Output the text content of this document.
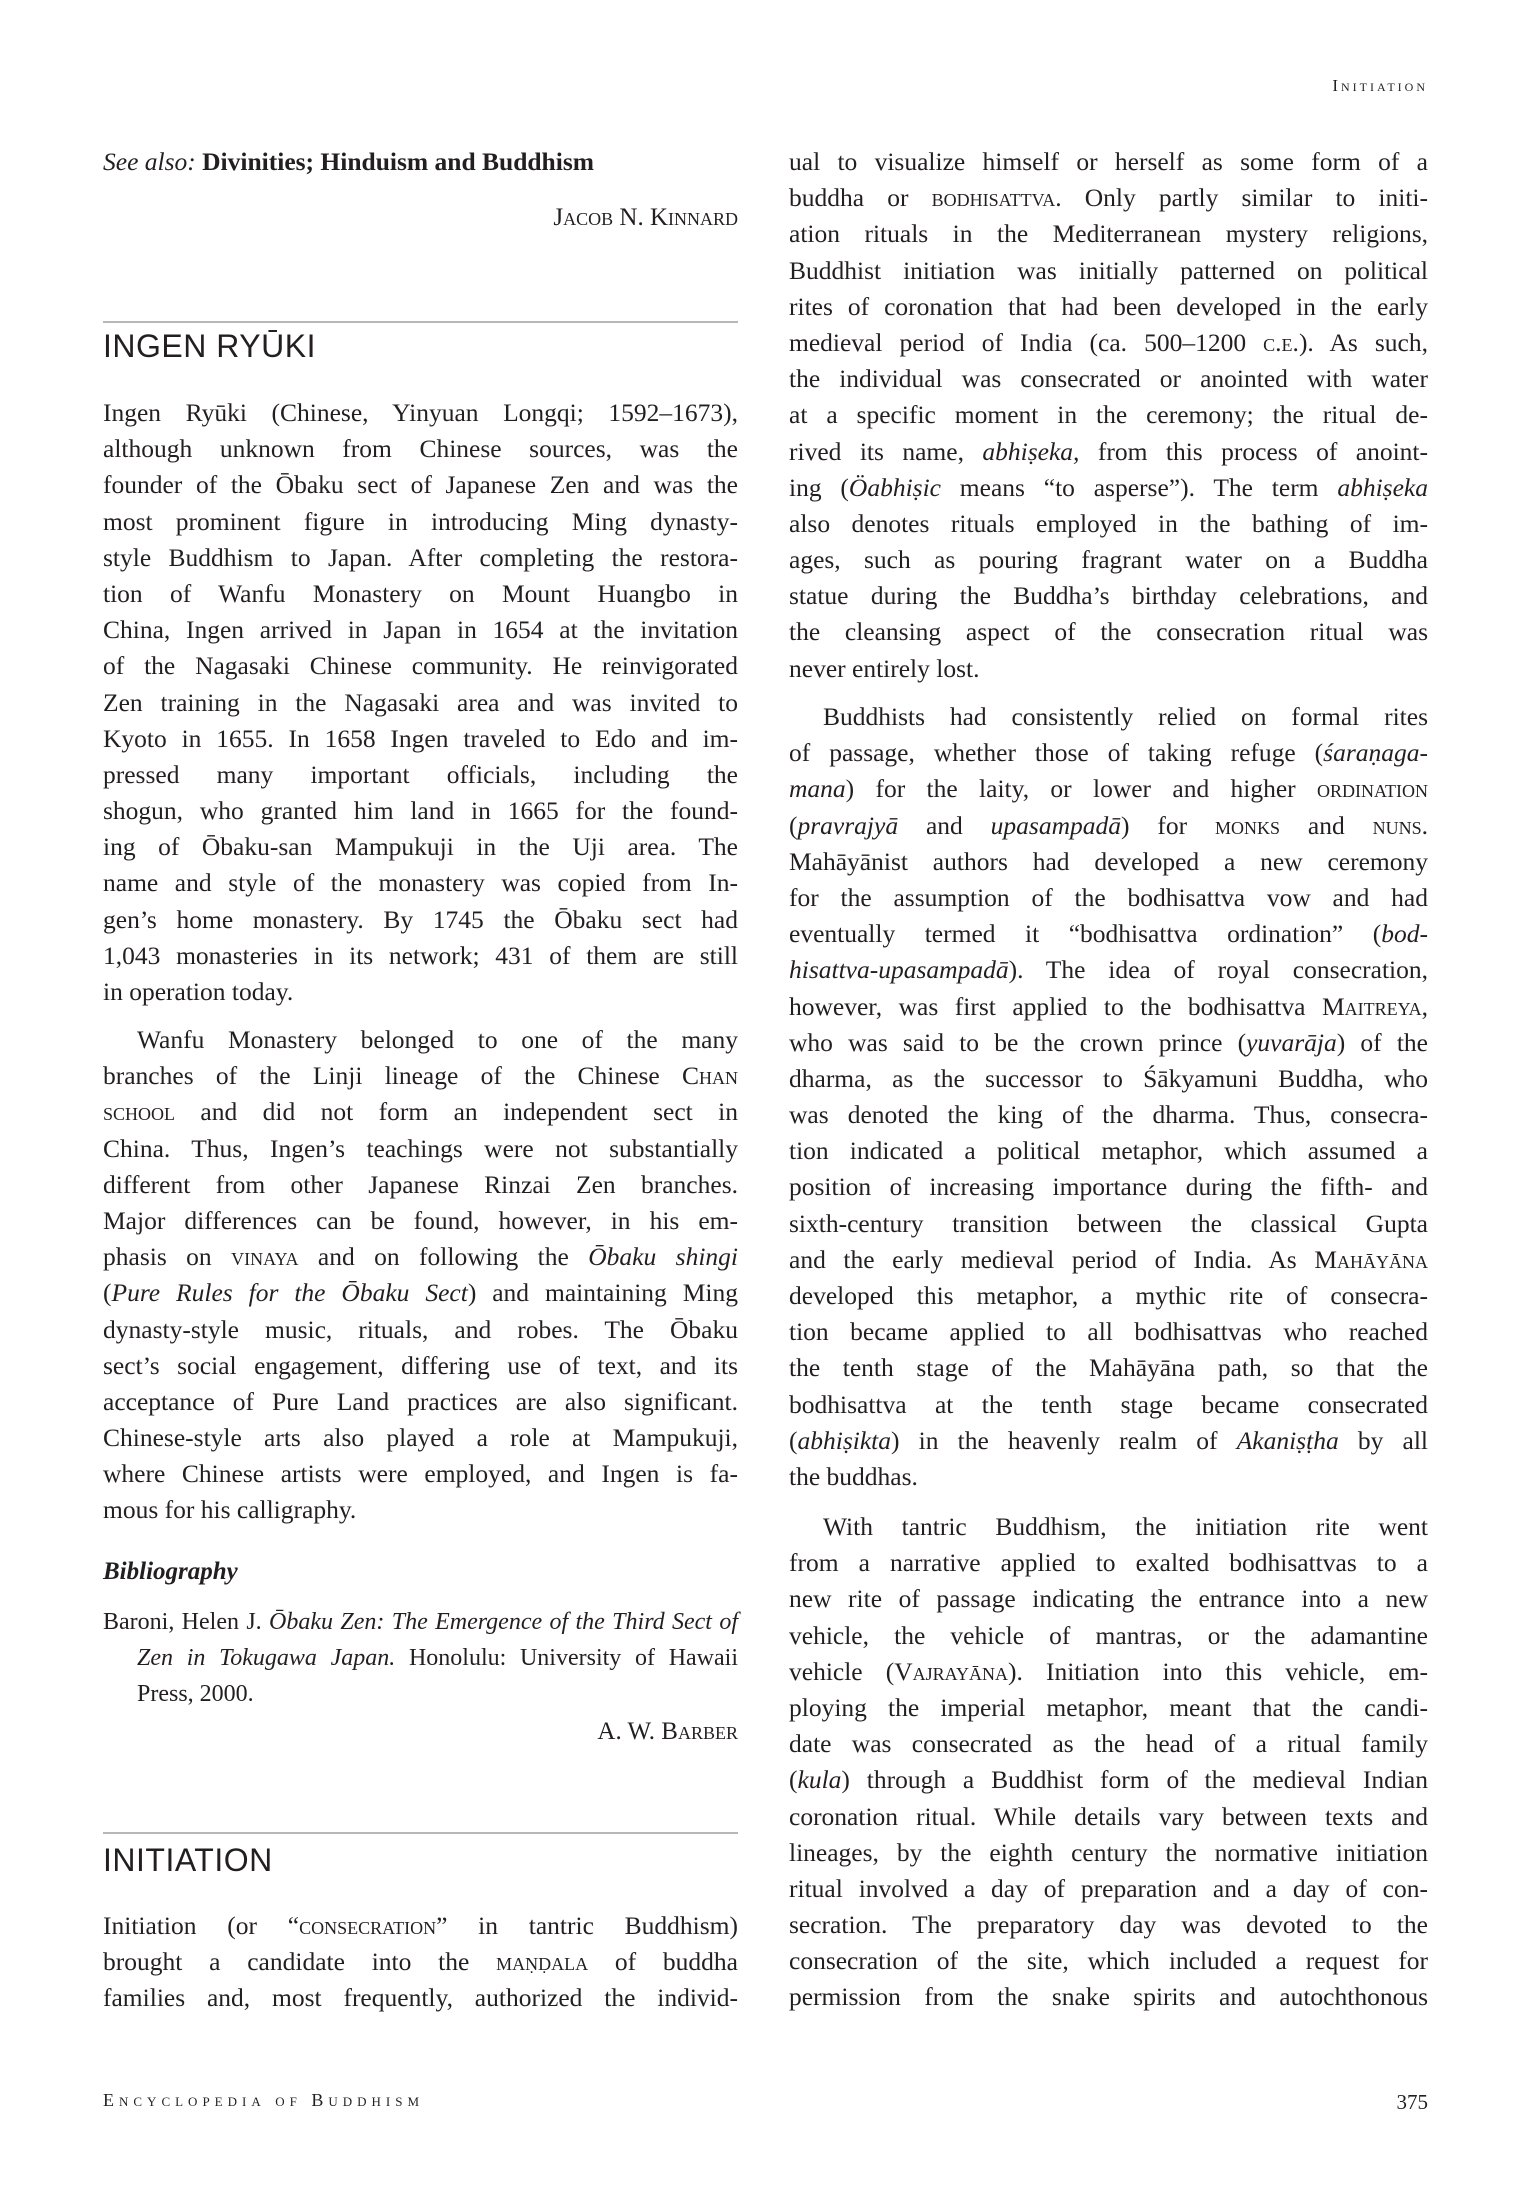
Initiation
See also: Divinities; Hinduism and Buddhism
Jacob N. Kinnard
INGEN RYŪKI
Ingen Ryūki (Chinese, Yinyuan Longqi; 1592–1673),
although unknown from Chinese sources, was the
founder of the Ōbaku sect of Japanese Zen and was the
most prominent figure in introducing Ming dynasty-
style Buddhism to Japan. After completing the restora-
tion of Wanfu Monastery on Mount Huangbo in
China, Ingen arrived in Japan in 1654 at the invitation
of the Nagasaki Chinese community. He reinvigorated
Zen training in the Nagasaki area and was invited to
Kyoto in 1655. In 1658 Ingen traveled to Edo and im-
pressed many important officials, including the
shogun, who granted him land in 1665 for the found-
ing of Ōbaku-san Mampukuji in the Uji area. The
name and style of the monastery was copied from In-
gen’s home monastery. By 1745 the Ōbaku sect had
1,043 monasteries in its network; 431 of them are still
in operation today.
Wanfu Monastery belonged to one of the many
branches of the Linji lineage of the Chinese Chan
school and did not form an independent sect in
China. Thus, Ingen’s teachings were not substantially
different from other Japanese Rinzai Zen branches.
Major differences can be found, however, in his em-
phasis on vinaya and on following the Ōbaku shingi
(Pure Rules for the Ōbaku Sect) and maintaining Ming
dynasty-style music, rituals, and robes. The Ōbaku
sect’s social engagement, differing use of text, and its
acceptance of Pure Land practices are also significant.
Chinese-style arts also played a role at Mampukuji,
where Chinese artists were employed, and Ingen is fa-
mous for his calligraphy.
Bibliography
Baroni, Helen J. Ōbaku Zen: The Emergence of the Third Sect of
Zen in Tokugawa Japan. Honolulu: University of Hawaii
Press, 2000.
A. W. Barber
INITIATION
Initiation (or “consecration” in tantric Buddhism)
brought a candidate into the maṇḍala of buddha
families and, most frequently, authorized the individ-
ual to visualize himself or herself as some form of a
buddha or bodhisattva. Only partly similar to initi-
ation rituals in the Mediterranean mystery religions,
Buddhist initiation was initially patterned on political
rites of coronation that had been developed in the early
medieval period of India (ca. 500–1200 c.e.). As such,
the individual was consecrated or anointed with water
at a specific moment in the ceremony; the ritual de-
rived its name, abhiṣeka, from this process of anoint-
ing (Öabhiṣic means “to asperse”). The term abhiṣeka
also denotes rituals employed in the bathing of im-
ages, such as pouring fragrant water on a Buddha
statue during the Buddha’s birthday celebrations, and
the cleansing aspect of the consecration ritual was
never entirely lost.
Buddhists had consistently relied on formal rites
of passage, whether those of taking refuge (śaraṇaga-
mana) for the laity, or lower and higher ordination
(pravrajyā and upasampadā) for monks and nuns.
Mahāyānist authors had developed a new ceremony
for the assumption of the bodhisattva vow and had
eventually termed it “bodhisattva ordination” (bod-
hisattva-upasampadā). The idea of royal consecration,
however, was first applied to the bodhisattva Maitreya,
who was said to be the crown prince (yuvarāja) of the
dharma, as the successor to Śākyamuni Buddha, who
was denoted the king of the dharma. Thus, consecra-
tion indicated a political metaphor, which assumed a
position of increasing importance during the fifth- and
sixth-century transition between the classical Gupta
and the early medieval period of India. As Mahāyāna
developed this metaphor, a mythic rite of consecra-
tion became applied to all bodhisattvas who reached
the tenth stage of the Mahāyāna path, so that the
bodhisattva at the tenth stage became consecrated
(abhiṣikta) in the heavenly realm of Akaniṣṭha by all
the buddhas.
With tantric Buddhism, the initiation rite went
from a narrative applied to exalted bodhisattvas to a
new rite of passage indicating the entrance into a new
vehicle, the vehicle of mantras, or the adamantine
vehicle (Vajrayāna). Initiation into this vehicle, em-
ploying the imperial metaphor, meant that the candi-
date was consecrated as the head of a ritual family
(kula) through a Buddhist form of the medieval Indian
coronation ritual. While details vary between texts and
lineages, by the eighth century the normative initiation
ritual involved a day of preparation and a day of con-
secration. The preparatory day was devoted to the
consecration of the site, which included a request for
permission from the snake spirits and autochthonous
Encyclopedia of Buddhism	375
